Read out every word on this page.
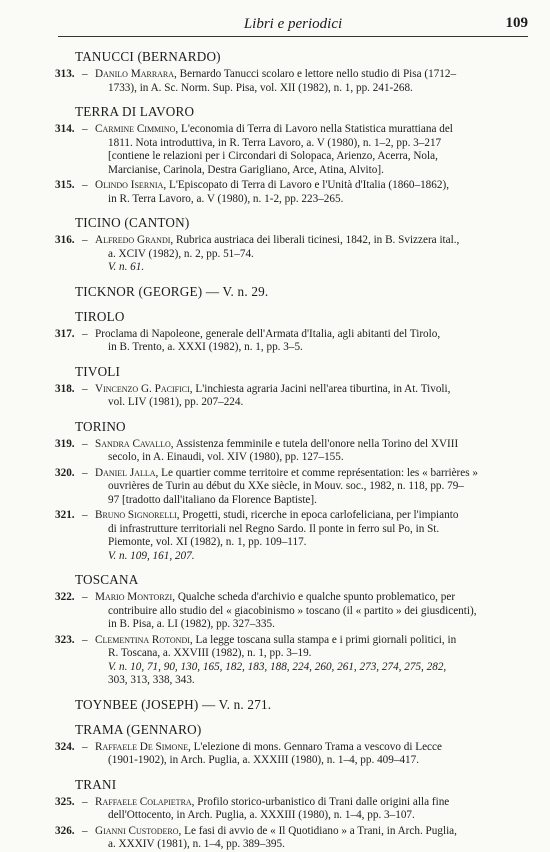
Libri e periodici	109
TANUCCI (BERNARDO)
313. – Danilo Marrara, Bernardo Tanucci scolaro e lettore nello studio di Pisa (1712–
1733), in A. Sc. Norm. Sup. Pisa, vol. XII (1982), n. 1, pp. 241-268.
TERRA DI LAVORO
314. – Carmine Cimmino, L'economia di Terra di Lavoro nella Statistica murattiana del
1811. Nota introduttiva, in R. Terra Lavoro, a. V (1980), n. 1–2, pp. 3–217
[contiene le relazioni per i Circondari di Solopaca, Arienzo, Acerra, Nola,
Marcianise, Carinola, Destra Garigliano, Arce, Atina, Alvito].
315. – Olindo Isernia, L'Episcopato di Terra di Lavoro e l'Unità d'Italia (1860–1862),
in R. Terra Lavoro, a. V (1980), n. 1-2, pp. 223–265.
TICINO (CANTON)
316. – Alfredo Grandi, Rubrica austriaca dei liberali ticinesi, 1842, in B. Svizzera ital.,
a. XCIV (1982), n. 2, pp. 51–74.
V. n. 61.
TICKNOR (GEORGE) — V. n. 29.
TIROLO
317. – Proclama di Napoleone, generale dell'Armata d'Italia, agli abitanti del Tirolo,
in B. Trento, a. XXXI (1982), n. 1, pp. 3–5.
TIVOLI
318. – Vincenzo G. Pacifici, L'inchiesta agraria Jacini nell'area tiburtina, in At. Tivoli,
vol. LIV (1981), pp. 207–224.
TORINO
319. – Sandra Cavallo, Assistenza femminile e tutela dell'onore nella Torino del XVIII
secolo, in A. Einaudi, vol. XIV (1980), pp. 127–155.
320. – Daniel Jalla, Le quartier comme territoire et comme représentation: les « barrières »
ouvrières de Turin au début du XXe siècle, in Mouv. soc., 1982, n. 118, pp. 79–
97 [tradotto dall'italiano da Florence Baptiste].
321. – Bruno Signorelli, Progetti, studi, ricerche in epoca carlofeliciana, per l'impianto
di infrastrutture territoriali nel Regno Sardo. Il ponte in ferro sul Po, in St.
Piemonte, vol. XI (1982), n. 1, pp. 109–117.
V. n. 109, 161, 207.
TOSCANA
322. – Mario Montorzi, Qualche scheda d'archivio e qualche spunto problematico, per
contribuire allo studio del « giacobinismo » toscano (il « partito » dei giusdicenti),
in B. Pisa, a. LI (1982), pp. 327–335.
323. – Clementina Rotondi, La legge toscana sulla stampa e i primi giornali politici, in
R. Toscana, a. XXVIII (1982), n. 1, pp. 3–19.
V. n. 10, 71, 90, 130, 165, 182, 183, 188, 224, 260, 261, 273, 274, 275, 282,
303, 313, 338, 343.
TOYNBEE (JOSEPH) — V. n. 271.
TRAMA (GENNARO)
324. – Raffaele De Simone, L'elezione di mons. Gennaro Trama a vescovo di Lecce
(1901-1902), in Arch. Puglia, a. XXXIII (1980), n. 1–4, pp. 409–417.
TRANI
325. – Raffaele Colapietra, Profilo storico-urbanistico di Trani dalle origini alla fine
dell'Ottocento, in Arch. Puglia, a. XXXIII (1980), n. 1–4, pp. 3–107.
326. – Gianni Custodero, Le fasi di avvio de « Il Quotidiano » a Trani, in Arch. Puglia,
a. XXXIV (1981), n. 1–4, pp. 389–395.
